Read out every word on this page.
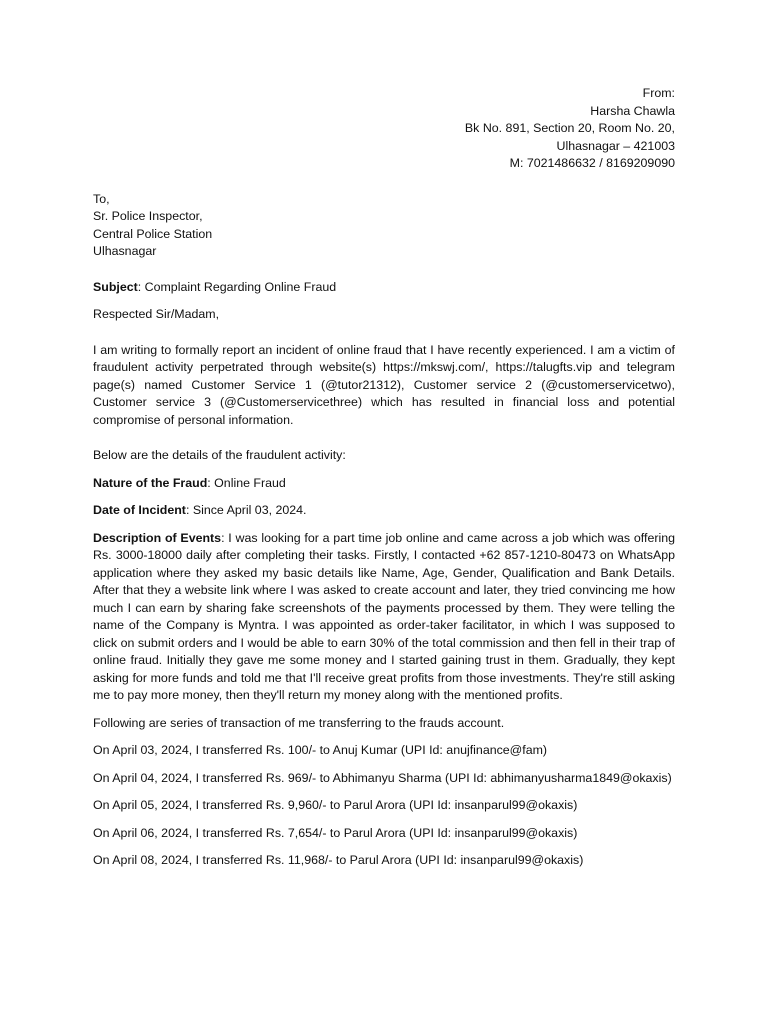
From:
Harsha Chawla
Bk No. 891, Section 20, Room No. 20,
Ulhasnagar – 421003
M: 7021486632 / 8169209090
To,
Sr. Police Inspector,
Central Police Station
Ulhasnagar

Subject: Complaint Regarding Online Fraud

Respected Sir/Madam,

I am writing to formally report an incident of online fraud that I have recently experienced. I am a victim of fraudulent activity perpetrated through website(s) https://mkswj.com/, https://talugfts.vip and telegram page(s) named Customer Service 1 (@tutor21312), Customer service 2 (@customerservicetwo), Customer service 3 (@Customerservicethree) which has resulted in financial loss and potential compromise of personal information.

Below are the details of the fraudulent activity:

Nature of the Fraud: Online Fraud

Date of Incident: Since April 03, 2024.

Description of Events: I was looking for a part time job online and came across a job which was offering Rs. 3000-18000 daily after completing their tasks. Firstly, I contacted +62 857-1210-80473 on WhatsApp application where they asked my basic details like Name, Age, Gender, Qualification and Bank Details. After that they a website link where I was asked to create account and later, they tried convincing me how much I can earn by sharing fake screenshots of the payments processed by them. They were telling the name of the Company is Myntra. I was appointed as order-taker facilitator, in which I was supposed to click on submit orders and I would be able to earn 30% of the total commission and then fell in their trap of online fraud. Initially they gave me some money and I started gaining trust in them. Gradually, they kept asking for more funds and told me that I'll receive great profits from those investments. They're still asking me to pay more money, then they'll return my money along with the mentioned profits.

Following are series of transaction of me transferring to the frauds account.

On April 03, 2024, I transferred Rs. 100/- to Anuj Kumar (UPI Id: anujfinance@fam)
On April 04, 2024, I transferred Rs. 969/- to Abhimanyu Sharma (UPI Id: abhimanyusharma1849@okaxis)
On April 05, 2024, I transferred Rs. 9,960/- to Parul Arora (UPI Id: insanparul99@okaxis)
On April 06, 2024, I transferred Rs. 7,654/- to Parul Arora (UPI Id: insanparul99@okaxis)
On April 08, 2024, I transferred Rs. 11,968/- to Parul Arora (UPI Id: insanparul99@okaxis)
